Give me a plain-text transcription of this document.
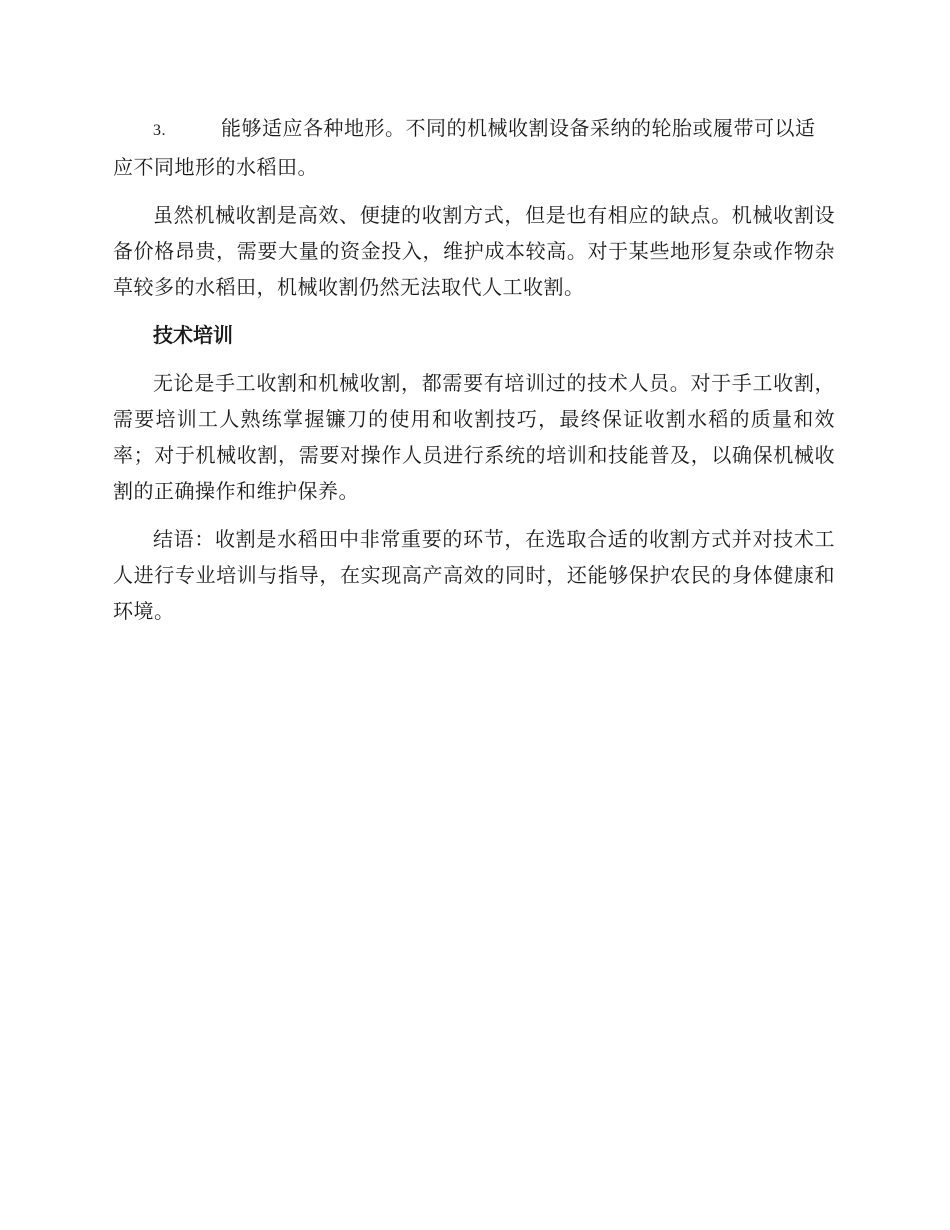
3.	能够适应各种地形。不同的机械收割设备采纳的轮胎或履带可以适应不同地形的水稻田。

虽然机械收割是高效、便捷的收割方式，但是也有相应的缺点。机械收割设备价格昂贵，需要大量的资金投入，维护成本较高。对于某些地形复杂或作物杂草较多的水稻田，机械收割仍然无法取代人工收割。

技术培训

无论是手工收割和机械收割，都需要有培训过的技术人员。对于手工收割，需要培训工人熟练掌握镰刀的使用和收割技巧，最终保证收割水稻的质量和效率；对于机械收割，需要对操作人员进行系统的培训和技能普及，以确保机械收割的正确操作和维护保养。

结语：收割是水稻田中非常重要的环节，在选取合适的收割方式并对技术工人进行专业培训与指导，在实现高产高效的同时，还能够保护农民的身体健康和环境。
